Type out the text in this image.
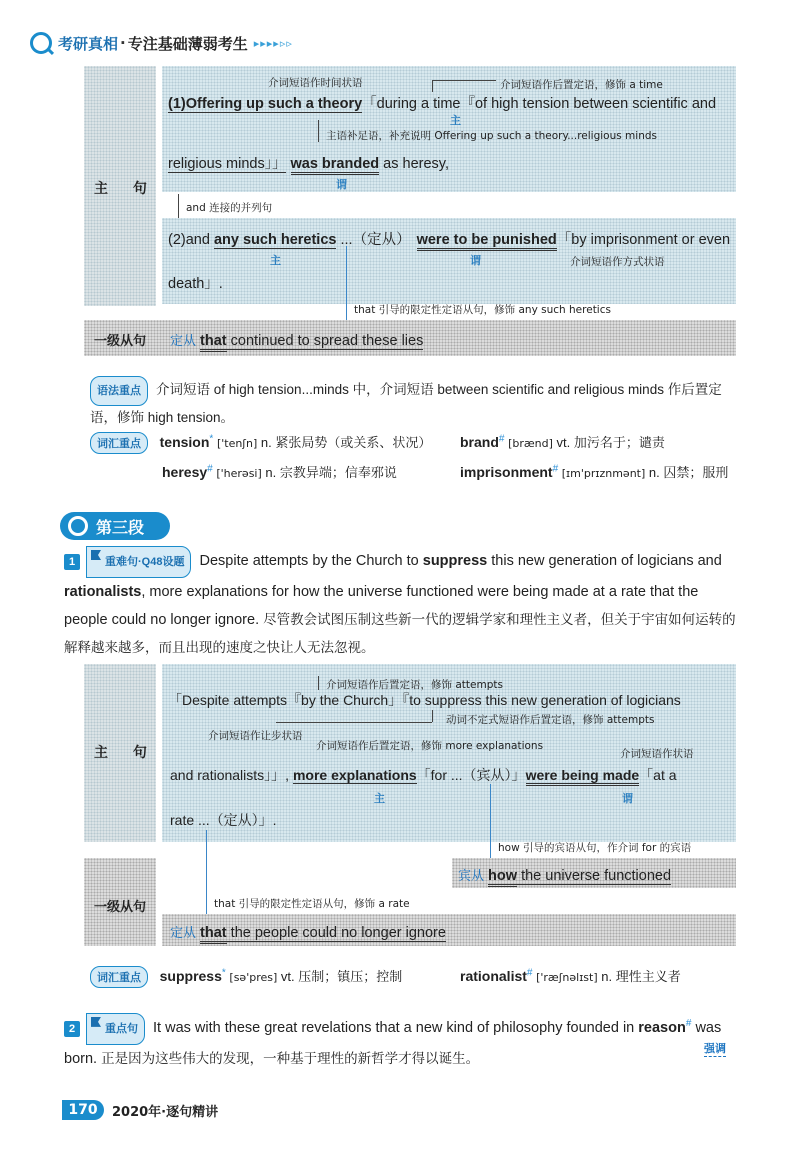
考研真相 · 专注基础薄弱考生 ▸▸▸▸▹▹
主 句
介词短语作时间状语	介词短语作后置定语，修饰 a time
(1)Offering up such a theory「during a time『of high tension between scientific and
主
主语补足语，补充说明 Offering up such a theory...religious minds
religious minds」」 was branded as heresy,
谓
and 连接的并列句
(2)and any such heretics ...（定从） were to be punished「by imprisonment or even
主	谓	介词短语作方式状语
death」.
that 引导的限定性定语从句，修饰 any such heretics
一级从句 定从 that continued to spread these lies
语法重点 介词短语 of high tension...minds 中，介词短语 between scientific and religious minds 作后置定语，修饰 high tension。
词汇重点 tension* ['tenʃn] n. 紧张局势（或关系、状况） brand# [brænd] vt. 加污名于；谴责
heresy# ['herəsi] n. 宗教异端；信奉邪说	imprisonment# [ɪm'prɪznmənt] n. 囚禁；服刑
第三段
1	重难句·Q48设题 Despite attempts by the Church to suppress this new generation of logicians and rationalists, more explanations for how the universe functioned were being made at a rate that the people could no longer ignore. 尽管教会试图压制这些新一代的逻辑学家和理性主义者，但关于宇宙如何运转的解释越来越多，而且出现的速度之快让人无法忽视。
主 句
介词短语作后置定语，修饰 attempts
「Despite attempts『by the Church」『to suppress this new generation of logicians
动词不定式短语作后置定语，修饰 attempts
介词短语作让步状语
介词短语作后置定语，修饰 more explanations
介词短语作状语
and rationalists」」, more explanations「for ...（宾从）」were being made「at a
主	谓
rate ...（定从）」.
how 引导的宾语从句，作介词 for 的宾语
一级从句
宾从 how the universe functioned
that 引导的限定性定语从句，修饰 a rate
定从 that the people could no longer ignore
词汇重点 suppress* [sə'pres] vt. 压制；镇压；控制	rationalist# ['ræʃnəlɪst] n. 理性主义者
2	重点句 It was with these great revelations that a new kind of philosophy founded in reason# was born. 正是因为这些伟大的发现，一种基于理性的新哲学才得以诞生。
强调
170	2020年·逐句精讲
